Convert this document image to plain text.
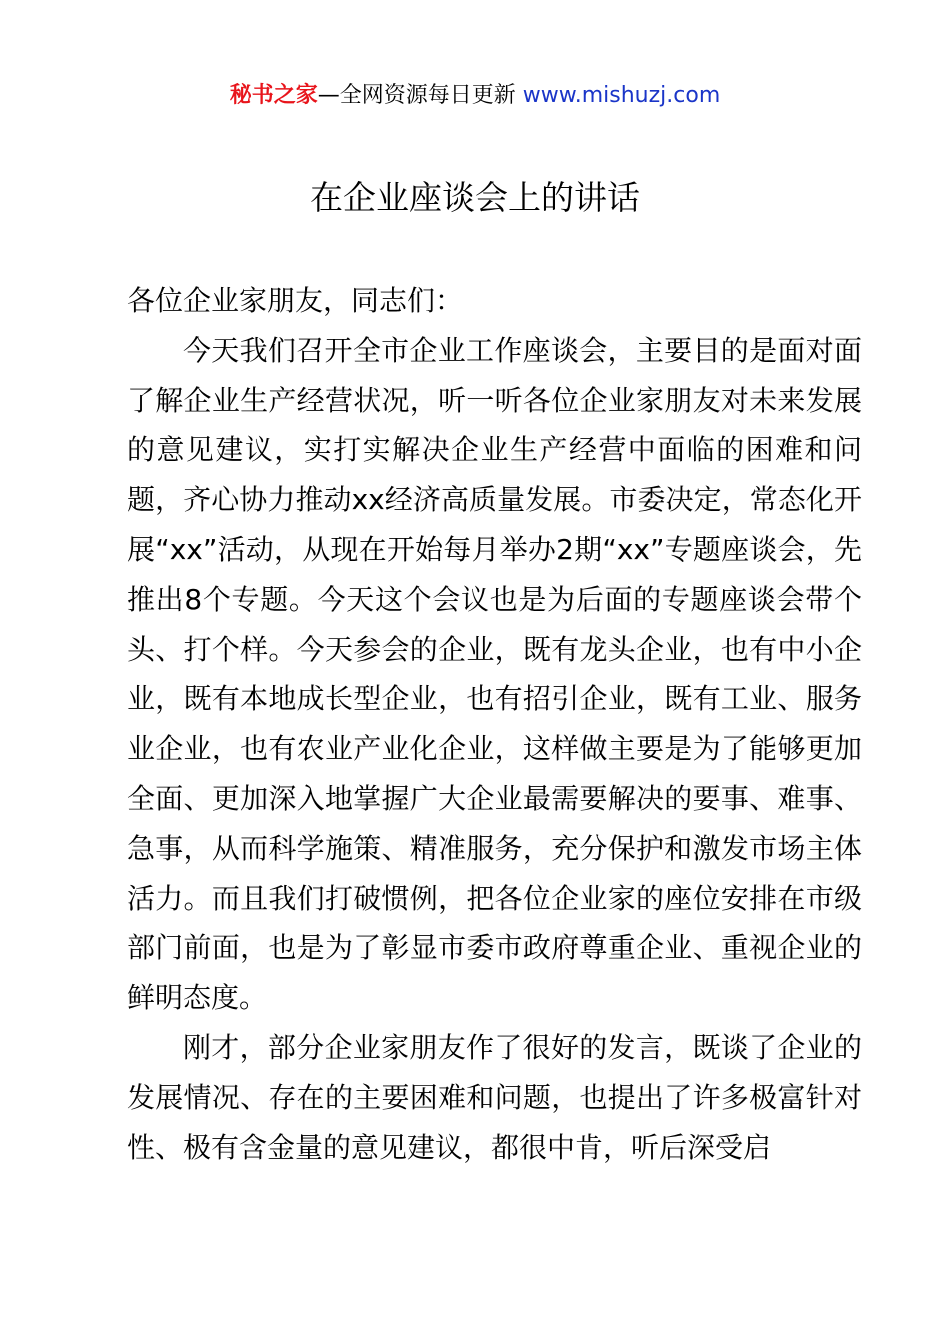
秘书之家—全网资源每日更新 www.mishuzj.com
在企业座谈会上的讲话

各位企业家朋友，同志们：

今天我们召开全市企业工作座谈会，主要目的是面对面了解企业生产经营状况，听一听各位企业家朋友对未来发展的意见建议，实打实解决企业生产经营中面临的困难和问题，齐心协力推动xx经济高质量发展。市委决定，常态化开展“xx”活动，从现在开始每月举办2期“xx”专题座谈会，先推出8个专题。今天这个会议也是为后面的专题座谈会带个头、打个样。今天参会的企业，既有龙头企业，也有中小企业，既有本地成长型企业，也有招引企业，既有工业、服务业企业，也有农业产业化企业，这样做主要是为了能够更加全面、更加深入地掌握广大企业最需要解决的要事、难事、急事，从而科学施策、精准服务，充分保护和激发市场主体活力。而且我们打破惯例，把各位企业家的座位安排在市级部门前面，也是为了彰显市委市政府尊重企业、重视企业的鲜明态度。

刚才，部分企业家朋友作了很好的发言，既谈了企业的发展情况、存在的主要困难和问题，也提出了许多极富针对性、极有含金量的意见建议，都很中肯，听后深受启
